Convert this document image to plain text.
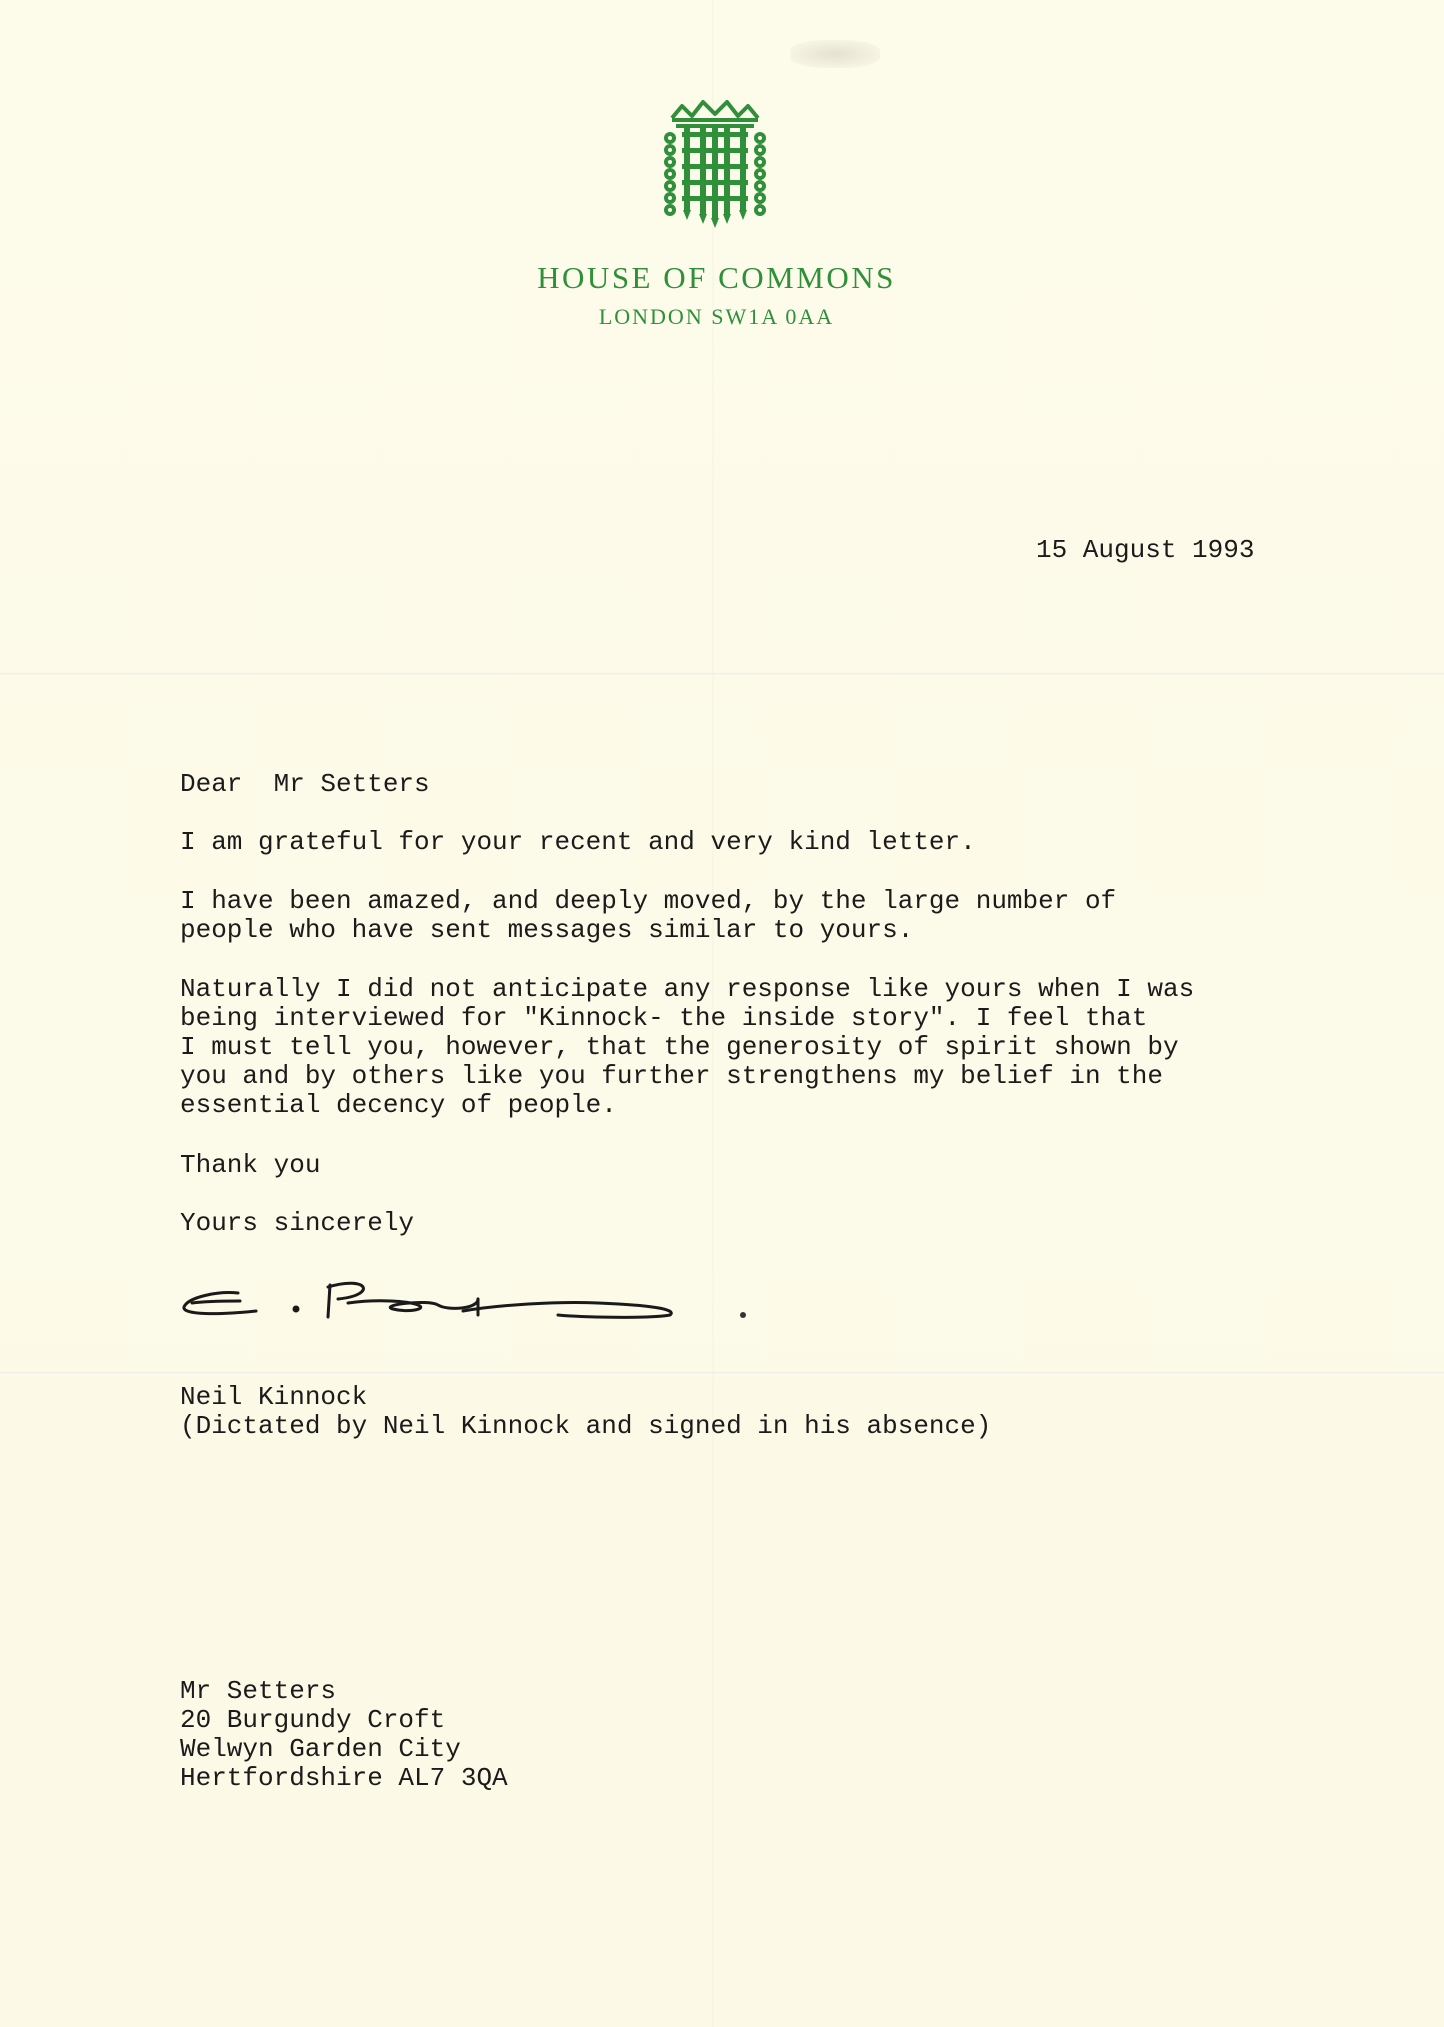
HOUSE OF COMMONS
LONDON SW1A 0AA
15 August 1993
Dear  Mr Setters
I am grateful for your recent and very kind letter.
I have been amazed, and deeply moved, by the large number of
people who have sent messages similar to yours.
Naturally I did not anticipate any response like yours when I was
being interviewed for "Kinnock- the inside story". I feel that
I must tell you, however, that the generosity of spirit shown by
you and by others like you further strengthens my belief in the
essential decency of people.
Thank you
Yours sincerely
Neil Kinnock
(Dictated by Neil Kinnock and signed in his absence)
Mr Setters
20 Burgundy Croft
Welwyn Garden City
Hertfordshire AL7 3QA
